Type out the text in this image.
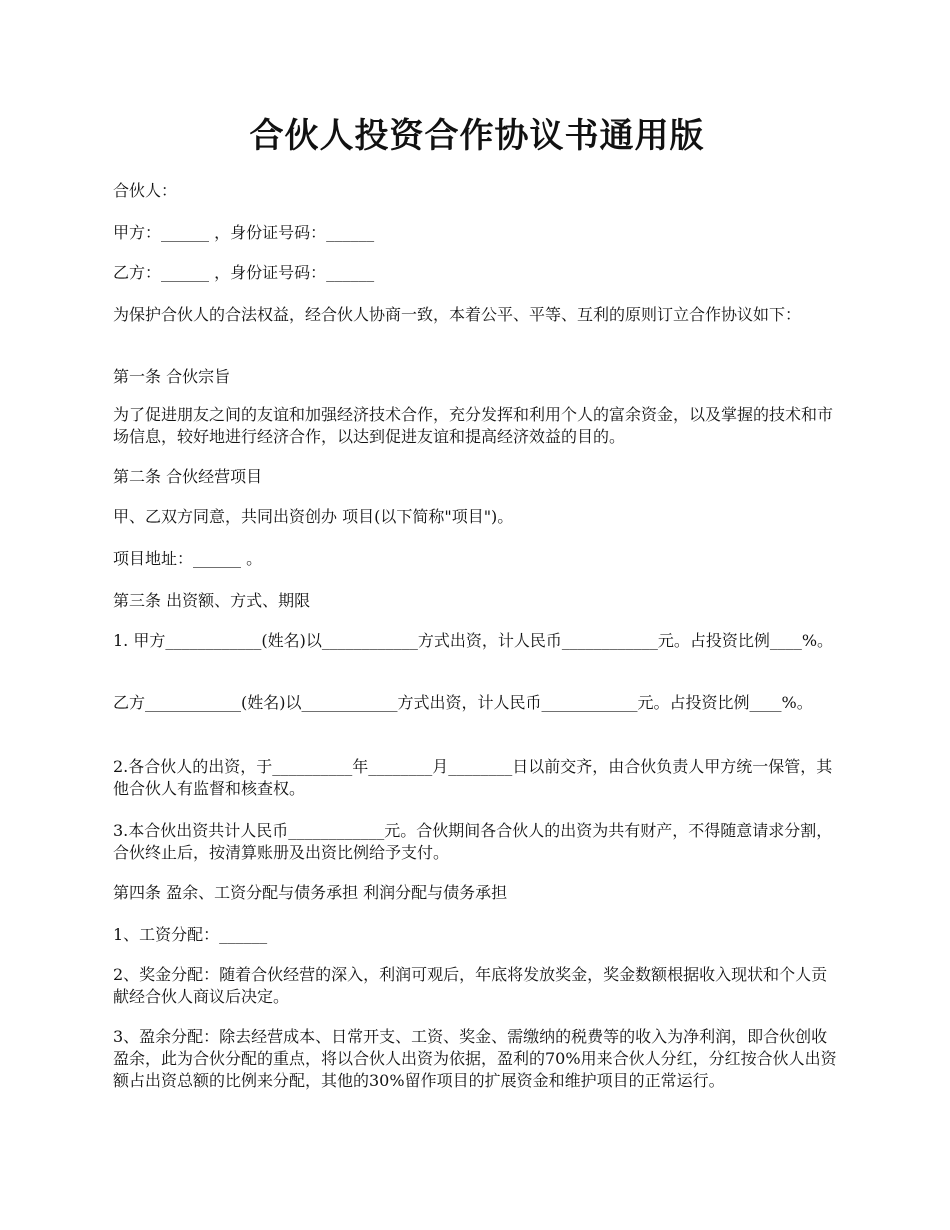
合伙人投资合作协议书通用版

合伙人：

甲方：______ ，身份证号码：______

乙方：______ ，身份证号码：______

为保护合伙人的合法权益，经合伙人协商一致，本着公平、平等、互利的原则订立合作协议如下：

第一条 合伙宗旨

为了促进朋友之间的友谊和加强经济技术合作，充分发挥和利用个人的富余资金，以及掌握的技术和市场信息，较好地进行经济合作，以达到促进友谊和提高经济效益的目的。

第二条 合伙经营项目

甲、乙双方同意，共同出资创办 项目(以下简称"项目")。

项目地址：______ 。

第三条 出资额、方式、期限

1. 甲方____________(姓名)以____________方式出资，计人民币____________元。占投资比例____%。

乙方____________(姓名)以____________方式出资，计人民币____________元。占投资比例____%。

2.各合伙人的出资，于__________年________月________日以前交齐，由合伙负责人甲方统一保管，其他合伙人有监督和核查权。

3.本合伙出资共计人民币____________元。合伙期间各合伙人的出资为共有财产，不得随意请求分割，合伙终止后，按清算账册及出资比例给予支付。

第四条 盈余、工资分配与债务承担 利润分配与债务承担

1、工资分配：______

2、奖金分配：随着合伙经营的深入，利润可观后，年底将发放奖金，奖金数额根据收入现状和个人贡献经合伙人商议后决定。

3、盈余分配：除去经营成本、日常开支、工资、奖金、需缴纳的税费等的收入为净利润，即合伙创收盈余，此为合伙分配的重点，将以合伙人出资为依据，盈利的70%用来合伙人分红，分红按合伙人出资额占出资总额的比例来分配，其他的30%留作项目的扩展资金和维护项目的正常运行。
